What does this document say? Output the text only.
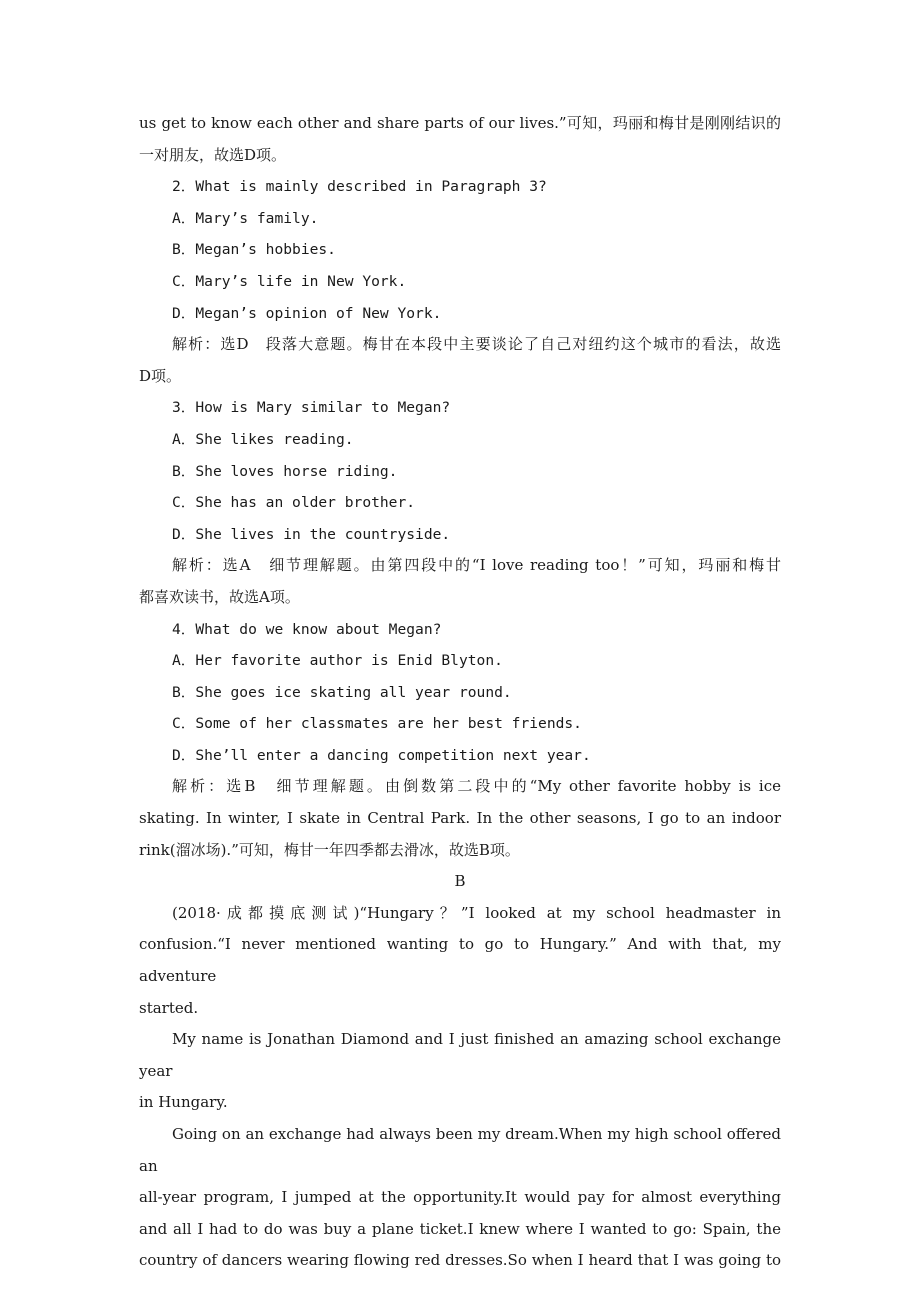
us get to know each other and share parts of our lives.”可知，玛丽和梅甘是刚刚结识的

一对朋友，故选D项。

2．What is mainly described in Paragraph 3?

A．Mary’s family.

B．Megan’s hobbies.

C．Mary’s life in New York.

D．Megan’s opinion of New York.

解析：选D　段落大意题。梅甘在本段中主要谈论了自己对纽约这个城市的看法，故选

D项。

3．How is Mary similar to Megan?

A．She likes reading.

B．She loves horse riding.

C．She has an older brother.

D．She lives in the countryside.

解析：选A　细节理解题。由第四段中的“I love reading too！”可知，玛丽和梅甘

都喜欢读书，故选A项。

4．What do we know about Megan?

A．Her favorite author is Enid Blyton.

B．She goes ice skating all year round.

C．Some of her classmates are her best friends.

D．She’ll enter a dancing competition next year.

解析：选B　细节理解题。由倒数第二段中的“My other favorite hobby is ice

skating. In winter, I skate in Central Park. In the other seasons, I go to an indoor

rink(溜冰场).”可知，梅甘一年四季都去滑冰，故选B项。

B

(2018·成都摸底测试)“Hungary？”I looked at my school headmaster in

confusion.“I never mentioned wanting to go to Hungary.” And with that, my adventure

started.

My name is Jonathan Diamond and I just finished an amazing school exchange year

in Hungary.

Going on an exchange had always been my dream.When my high school offered an

all-year program, I jumped at the opportunity.It would pay for almost everything

and all I had to do was buy a plane ticket.I knew where I wanted to go: Spain, the

country of dancers wearing flowing red dresses.So when I heard that I was going to
